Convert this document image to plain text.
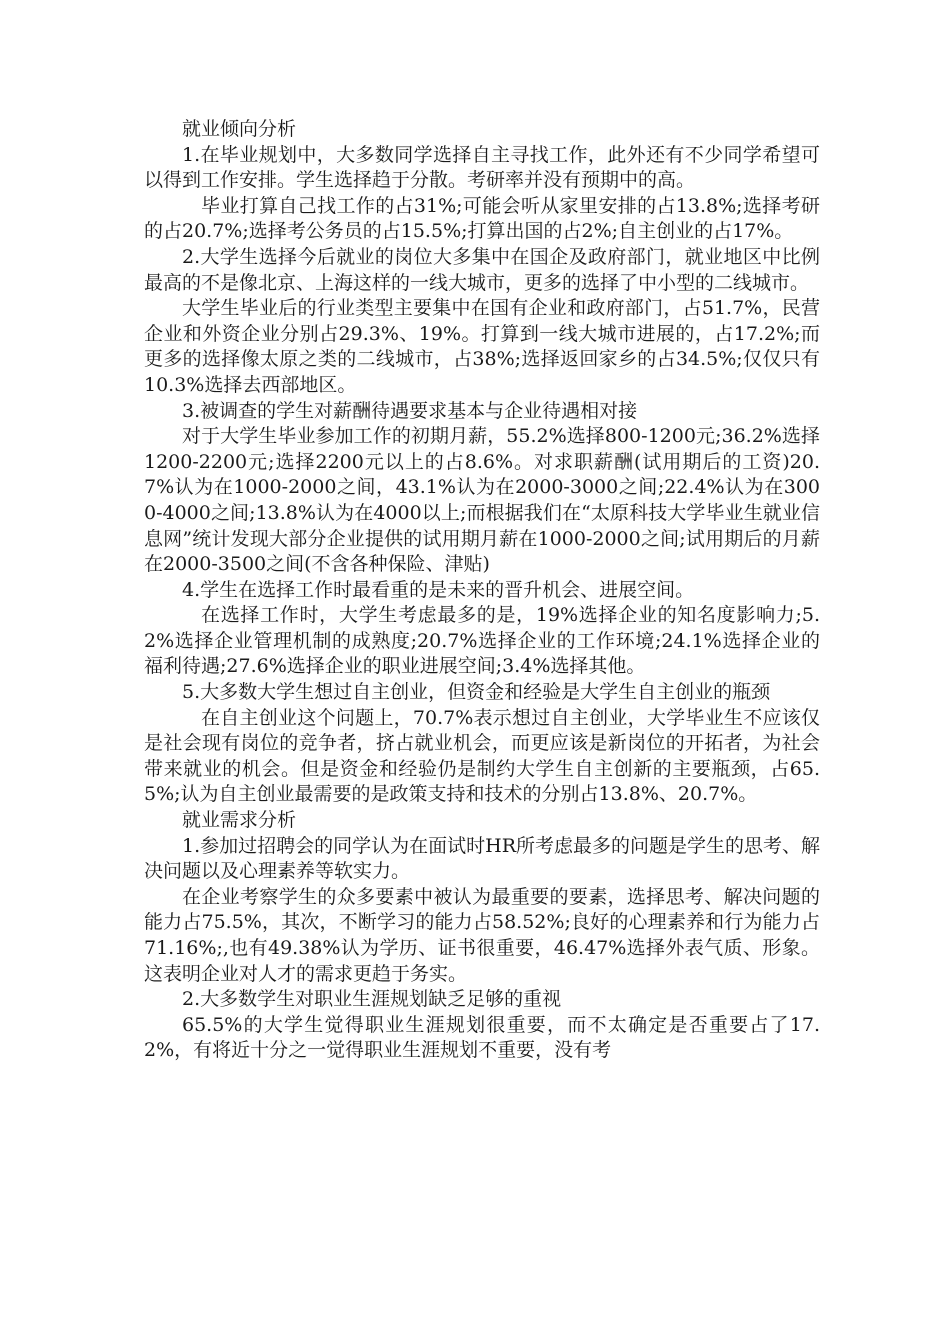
就业倾向分析

1.在毕业规划中，大多数同学选择自主寻找工作，此外还有不少同学希望可以得到工作安排。学生选择趋于分散。考研率并没有预期中的高。

毕业打算自己找工作的占31%;可能会听从家里安排的占13.8%;选择考研的占20.7%;选择考公务员的占15.5%;打算出国的占2%;自主创业的占17%。

2.大学生选择今后就业的岗位大多集中在国企及政府部门，就业地区中比例最高的不是像北京、上海这样的一线大城市，更多的选择了中小型的二线城市。

大学生毕业后的行业类型主要集中在国有企业和政府部门，占51.7%，民营企业和外资企业分别占29.3%、19%。打算到一线大城市进展的，占17.2%;而更多的选择像太原之类的二线城市，占38%;选择返回家乡的占34.5%;仅仅只有10.3%选择去西部地区。

3.被调查的学生对薪酬待遇要求基本与企业待遇相对接

对于大学生毕业参加工作的初期月薪，55.2%选择800-1200元;36.2%选择1200-2200元;选择2200元以上的占8.6%。对求职薪酬(试用期后的工资)20.7%认为在1000-2000之间，43.1%认为在2000-3000之间;22.4%认为在3000-4000之间;13.8%认为在4000以上;而根据我们在“太原科技大学毕业生就业信息网”统计发现大部分企业提供的试用期月薪在1000-2000之间;试用期后的月薪在2000-3500之间(不含各种保险、津贴)

4.学生在选择工作时最看重的是未来的晋升机会、进展空间。

在选择工作时，大学生考虑最多的是，19%选择企业的知名度影响力;5.2%选择企业管理机制的成熟度;20.7%选择企业的工作环境;24.1%选择企业的福利待遇;27.6%选择企业的职业进展空间;3.4%选择其他。

5.大多数大学生想过自主创业，但资金和经验是大学生自主创业的瓶颈

在自主创业这个问题上，70.7%表示想过自主创业，大学毕业生不应该仅是社会现有岗位的竞争者，挤占就业机会，而更应该是新岗位的开拓者，为社会带来就业的机会。但是资金和经验仍是制约大学生自主创新的主要瓶颈，占65.5%;认为自主创业最需要的是政策支持和技术的分别占13.8%、20.7%。

就业需求分析

1.参加过招聘会的同学认为在面试时HR所考虑最多的问题是学生的思考、解决问题以及心理素养等软实力。

在企业考察学生的众多要素中被认为最重要的要素，选择思考、解决问题的能力占75.5%，其次，不断学习的能力占58.52%;良好的心理素养和行为能力占71.16%;,也有49.38%认为学历、证书很重要，46.47%选择外表气质、形象。这表明企业对人才的需求更趋于务实。

2.大多数学生对职业生涯规划缺乏足够的重视

65.5%的大学生觉得职业生涯规划很重要，而不太确定是否重要占了17.2%，有将近十分之一觉得职业生涯规划不重要，没有考
